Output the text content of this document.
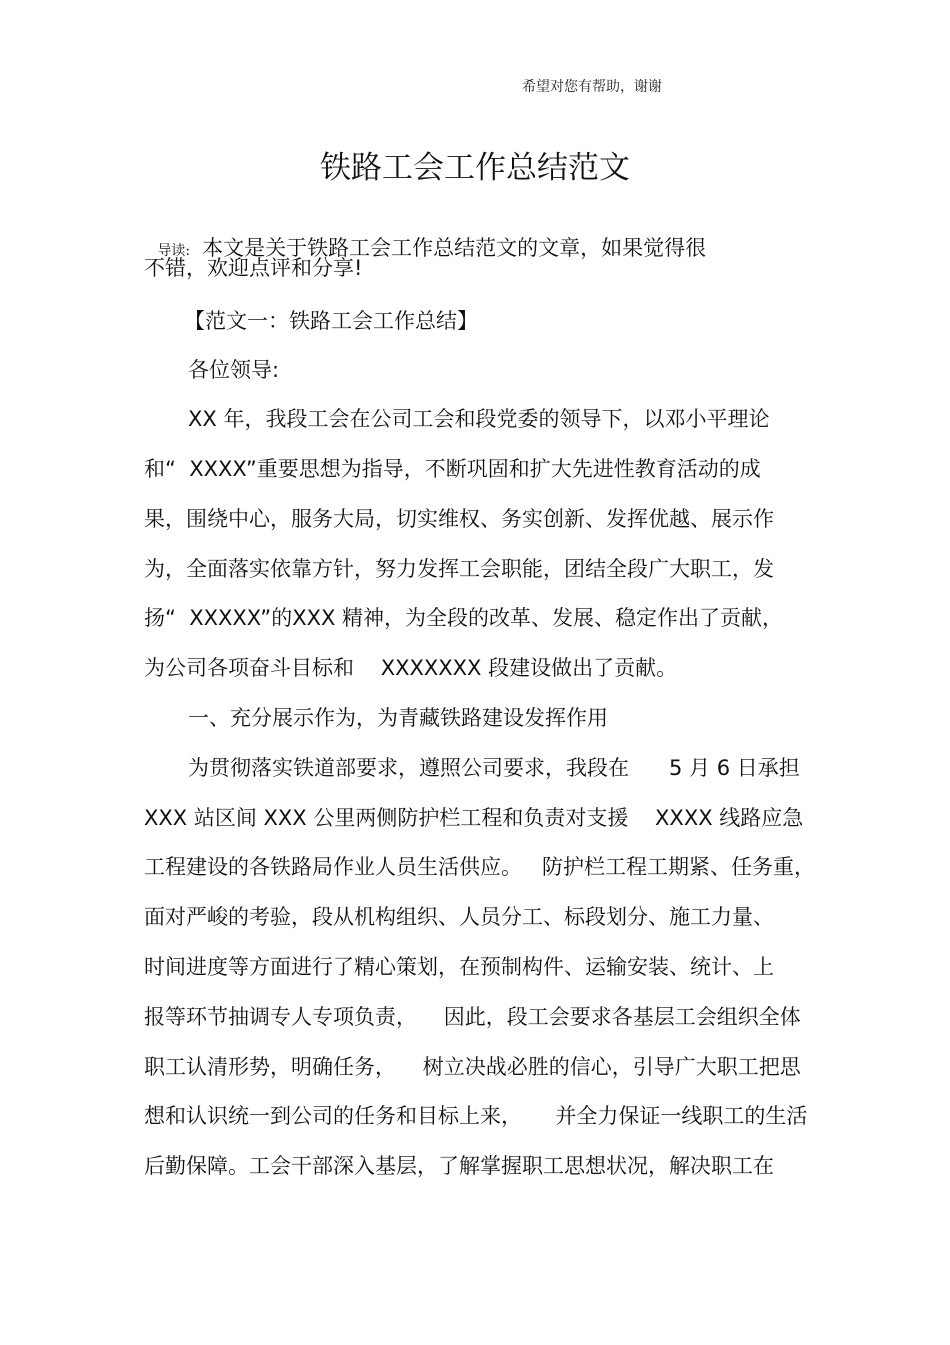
希望对您有帮助，谢谢
铁路工会工作总结范文

导读: 本文是关于铁路工会工作总结范文的文章，如果觉得很

不错，欢迎点评和分享!
【范文一：铁路工会工作总结】
各位领导:
XX 年，我段工会在公司工会和段党委的领导下，以邓小平理论
和“  XXXX”重要思想为指导，不断巩固和扩大先进性教育活动的成
果，围绕中心，服务大局，切实维权、务实创新、发挥优越、展示作
为，全面落实依靠方针，努力发挥工会职能，团结全段广大职工，发
扬“  XXXXX”的XXX 精神，为全段的改革、发展、稳定作出了贡献，
为公司各项奋斗目标和    XXXXXXX 段建设做出了贡献。
一、充分展示作为，为青藏铁路建设发挥作用
为贯彻落实铁道部要求，遵照公司要求，我段在      5 月 6 日承担
XXX 站区间 XXX 公里两侧防护栏工程和负责对支援    XXXX 线路应急
工程建设的各铁路局作业人员生活供应。   防护栏工程工期紧、任务重，
面对严峻的考验，段从机构组织、人员分工、标段划分、施工力量、
时间进度等方面进行了精心策划，在预制构件、运输安装、统计、上
报等环节抽调专人专项负责，    因此，段工会要求各基层工会组织全体
职工认清形势，明确任务，    树立决战必胜的信心，引导广大职工把思
想和认识统一到公司的任务和目标上来，     并全力保证一线职工的生活
后勤保障。工会干部深入基层，了解掌握职工思想状况，解决职工在
